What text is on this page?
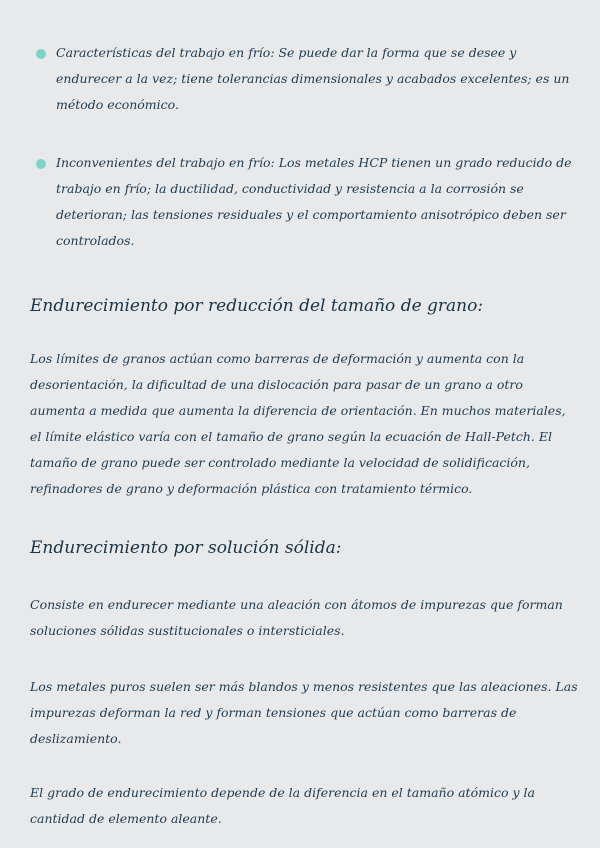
Características del trabajo en frío: Se puede dar la forma que se desee y endurecer a la vez; tiene tolerancias dimensionales y acabados excelentes; es un método económico.
Inconvenientes del trabajo en frío: Los metales HCP tienen un grado reducido de trabajo en frío; la ductilidad, conductividad y resistencia a la corrosión se deterioran; las tensiones residuales y el comportamiento anisotrópico deben ser controlados.
Endurecimiento por reducción del tamaño de grano:
Los límites de granos actúan como barreras de deformación y aumenta con la desorientación, la dificultad de una dislocación para pasar de un grano a otro aumenta a medida que aumenta la diferencia de orientación. En muchos materiales, el límite elástico varía con el tamaño de grano según la ecuación de Hall-Petch. El tamaño de grano puede ser controlado mediante la velocidad de solidificación, refinadores de grano y deformación plástica con tratamiento térmico.
Endurecimiento por solución sólida:
Consiste en endurecer mediante una aleación con átomos de impurezas que forman soluciones sólidas sustitucionales o intersticiales.
Los metales puros suelen ser más blandos y menos resistentes que las aleaciones. Las impurezas deforman la red y forman tensiones que actúan como barreras de deslizamiento.
El grado de endurecimiento depende de la diferencia en el tamaño atómico y la cantidad de elemento aleante.
